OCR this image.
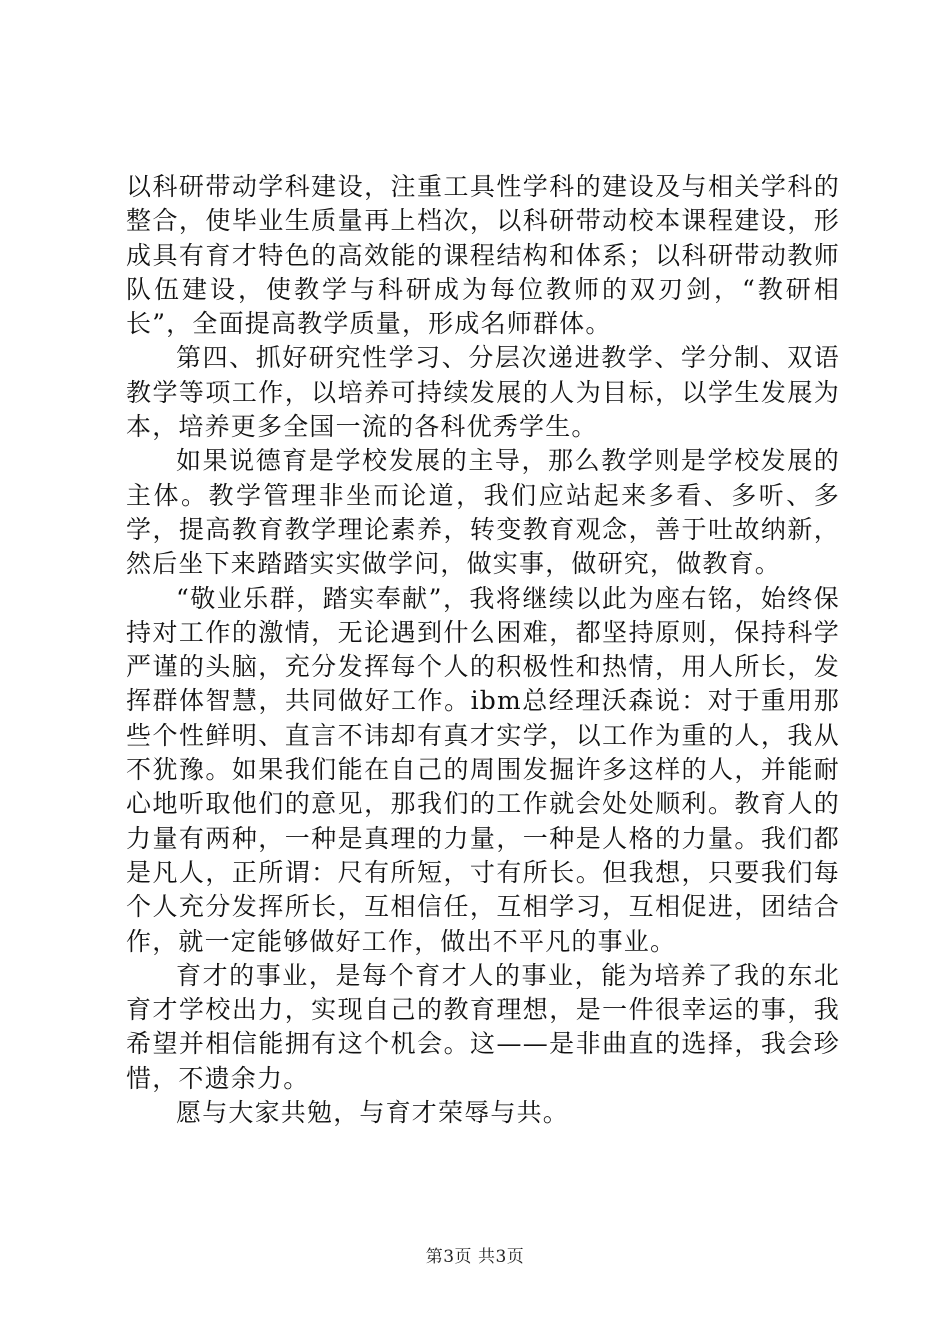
以科研带动学科建设，注重工具性学科的建设及与相关学科的整合，使毕业生质量再上档次，以科研带动校本课程建设，形成具有育才特色的高效能的课程结构和体系；以科研带动教师队伍建设，使教学与科研成为每位教师的双刃剑，“教研相长”，全面提高教学质量，形成名师群体。

第四、抓好研究性学习、分层次递进教学、学分制、双语教学等项工作，以培养可持续发展的人为目标，以学生发展为本，培养更多全国一流的各科优秀学生。

如果说德育是学校发展的主导，那么教学则是学校发展的主体。教学管理非坐而论道，我们应站起来多看、多听、多学，提高教育教学理论素养，转变教育观念，善于吐故纳新，然后坐下来踏踏实实做学问，做实事，做研究，做教育。

“敬业乐群，踏实奉献”，我将继续以此为座右铭，始终保持对工作的激情，无论遇到什么困难，都坚持原则，保持科学严谨的头脑，充分发挥每个人的积极性和热情，用人所长，发挥群体智慧，共同做好工作。ibm总经理沃森说：对于重用那些个性鲜明、直言不讳却有真才实学，以工作为重的人，我从不犹豫。如果我们能在自己的周围发掘许多这样的人，并能耐心地听取他们的意见，那我们的工作就会处处顺利。教育人的力量有两种，一种是真理的力量，一种是人格的力量。我们都是凡人，正所谓：尺有所短，寸有所长。但我想，只要我们每个人充分发挥所长，互相信任，互相学习，互相促进，团结合作，就一定能够做好工作，做出不平凡的事业。

育才的事业，是每个育才人的事业，能为培养了我的东北育才学校出力，实现自己的教育理想，是一件很幸运的事，我希望并相信能拥有这个机会。这——是非曲直的选择，我会珍惜，不遗余力。

愿与大家共勉，与育才荣辱与共。

第3页 共3页
